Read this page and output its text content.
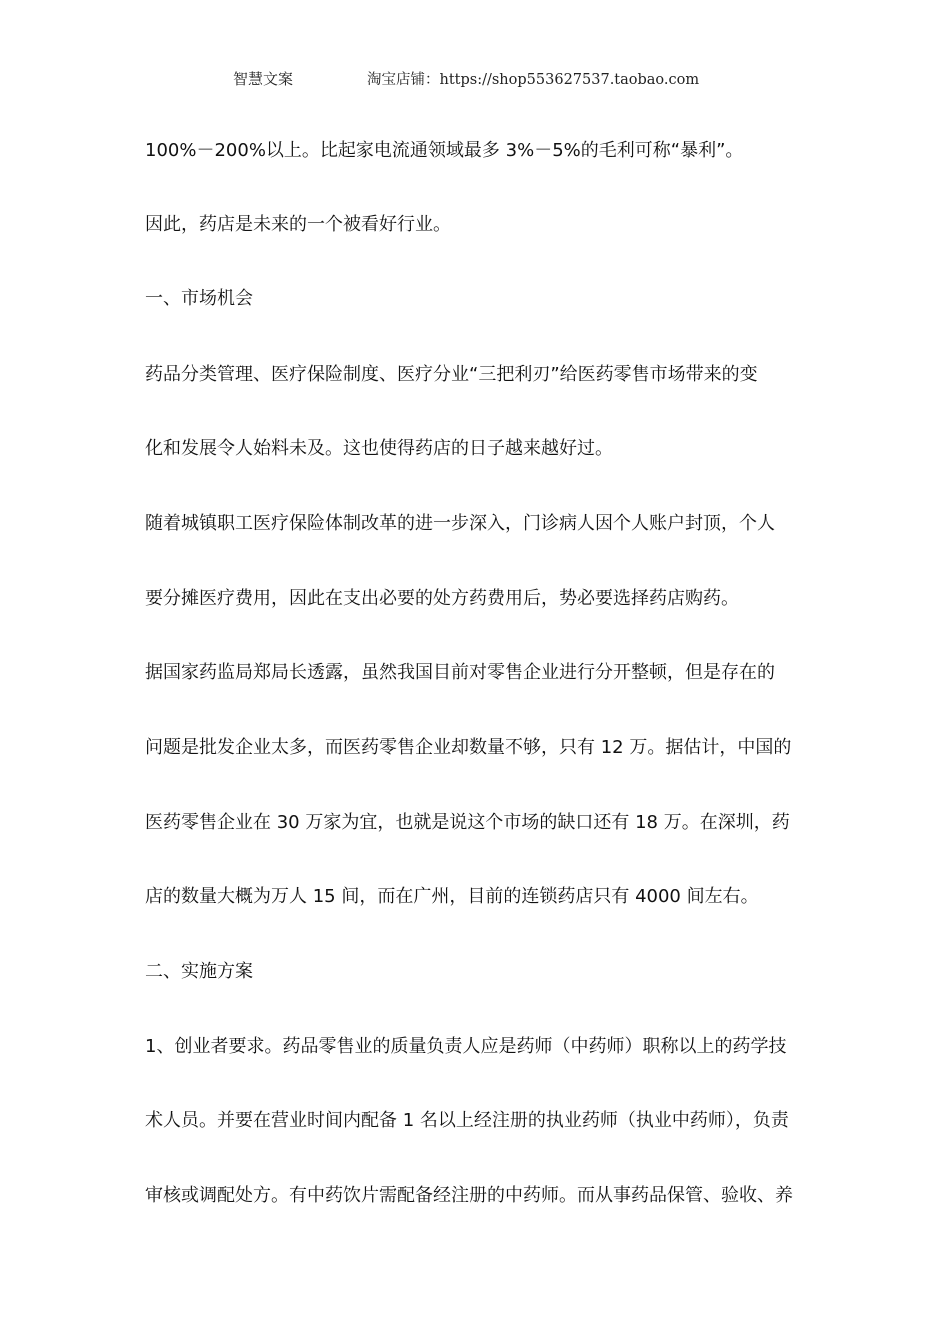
智慧文案	淘宝店铺：https://shop553627537.taobao.com
100%－200%以上。比起家电流通领域最多 3%－5%的毛利可称“暴利”。
因此，药店是未来的一个被看好行业。
一、市场机会
药品分类管理、医疗保险制度、医疗分业“三把利刃”给医药零售市场带来的变
化和发展令人始料未及。这也使得药店的日子越来越好过。
随着城镇职工医疗保险体制改革的进一步深入，门诊病人因个人账户封顶，个人
要分摊医疗费用，因此在支出必要的处方药费用后，势必要选择药店购药。
据国家药监局郑局长透露，虽然我国目前对零售企业进行分开整顿，但是存在的
问题是批发企业太多，而医药零售企业却数量不够，只有 12 万。据估计，中国的
医药零售企业在 30 万家为宜，也就是说这个市场的缺口还有 18 万。在深圳，药
店的数量大概为万人 15 间，而在广州，目前的连锁药店只有 4000 间左右。
二、实施方案
1、创业者要求。药品零售业的质量负责人应是药师（中药师）职称以上的药学技
术人员。并要在营业时间内配备 1 名以上经注册的执业药师（执业中药师），负责
审核或调配处方。有中药饮片需配备经注册的中药师。而从事药品保管、验收、养
